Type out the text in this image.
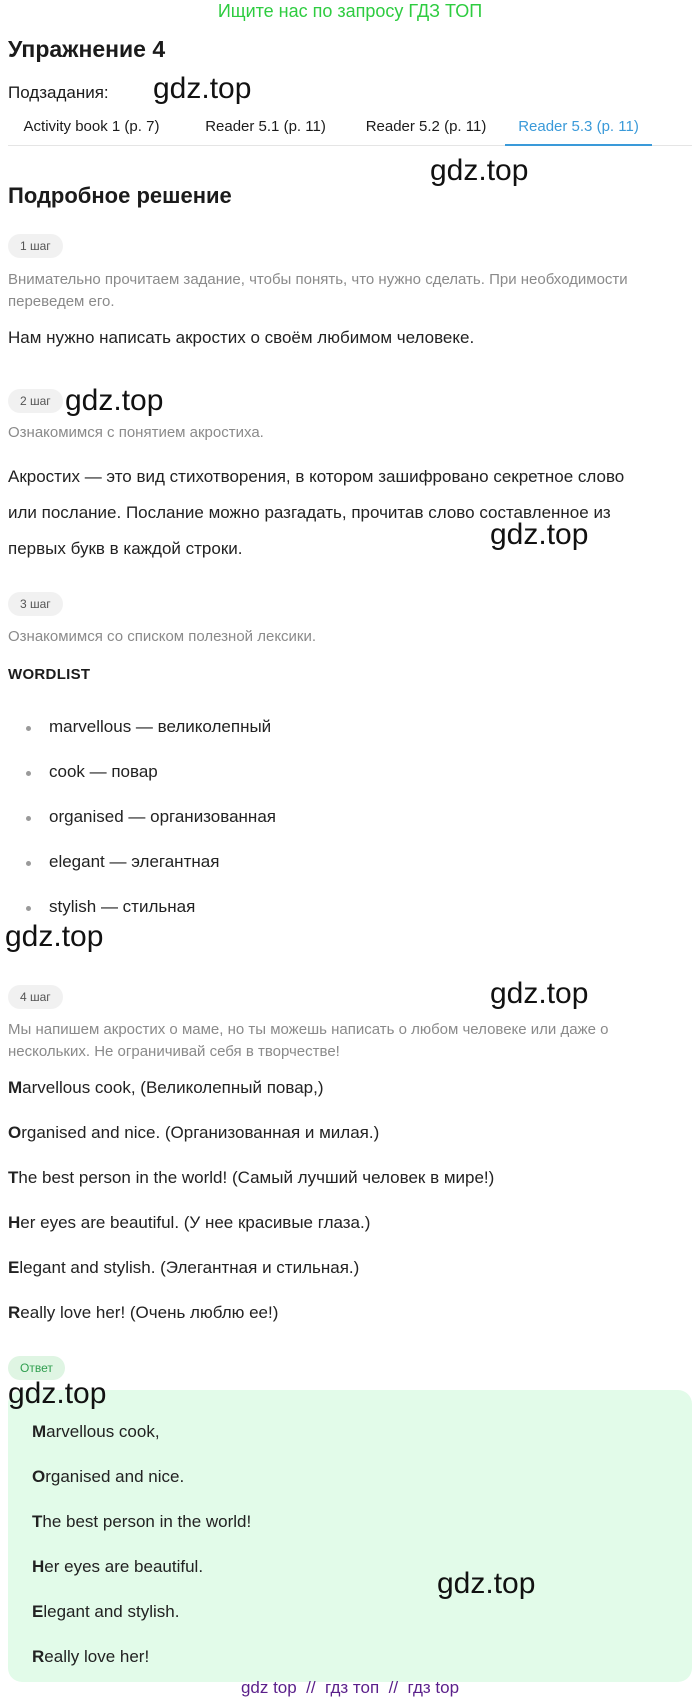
Ищите нас по запросу ГДЗ ТОП
Упражнение 4
Подзадания:
Activity book 1 (p. 7)	Reader 5.1 (p. 11)	Reader 5.2 (p. 11)	Reader 5.3 (p. 11)
Подробное решение
1 шаг
Внимательно прочитаем задание, чтобы понять, что нужно сделать. При необходимости
переведем его.
Нам нужно написать акростих о своём любимом человеке.
2 шаг
Ознакомимся с понятием акростиха.
Акростих — это вид стихотворения, в котором зашифровано секретное слово
или послание. Послание можно разгадать, прочитав слово составленное из
первых букв в каждой строки.
3 шаг
Ознакомимся со списком полезной лексики.
WORDLIST
marvellous — великолепный
cook — повар
organised — организованная
elegant — элегантная
stylish — стильная
4 шаг
Мы напишем акростих о маме, но ты можешь написать о любом человеке или даже о
нескольких. Не ограничивай себя в творчестве!
Marvellous cook, (Великолепный повар,)
Organised and nice. (Организованная и милая.)
The best person in the world! (Самый лучший человек в мире!)
Her eyes are beautiful. (У нее красивые глаза.)
Elegant and stylish. (Элегантная и стильная.)
Really love her! (Очень люблю ее!)
Ответ
Marvellous cook,
Organised and nice.
The best person in the world!
Her eyes are beautiful.
Elegant and stylish.
Really love her!
gdz.top
gdz.top
gdz.top
gdz.top
gdz.top
gdz.top
gdz.top
gdz.top
gdz top  //  гдз топ  //  гдз top
